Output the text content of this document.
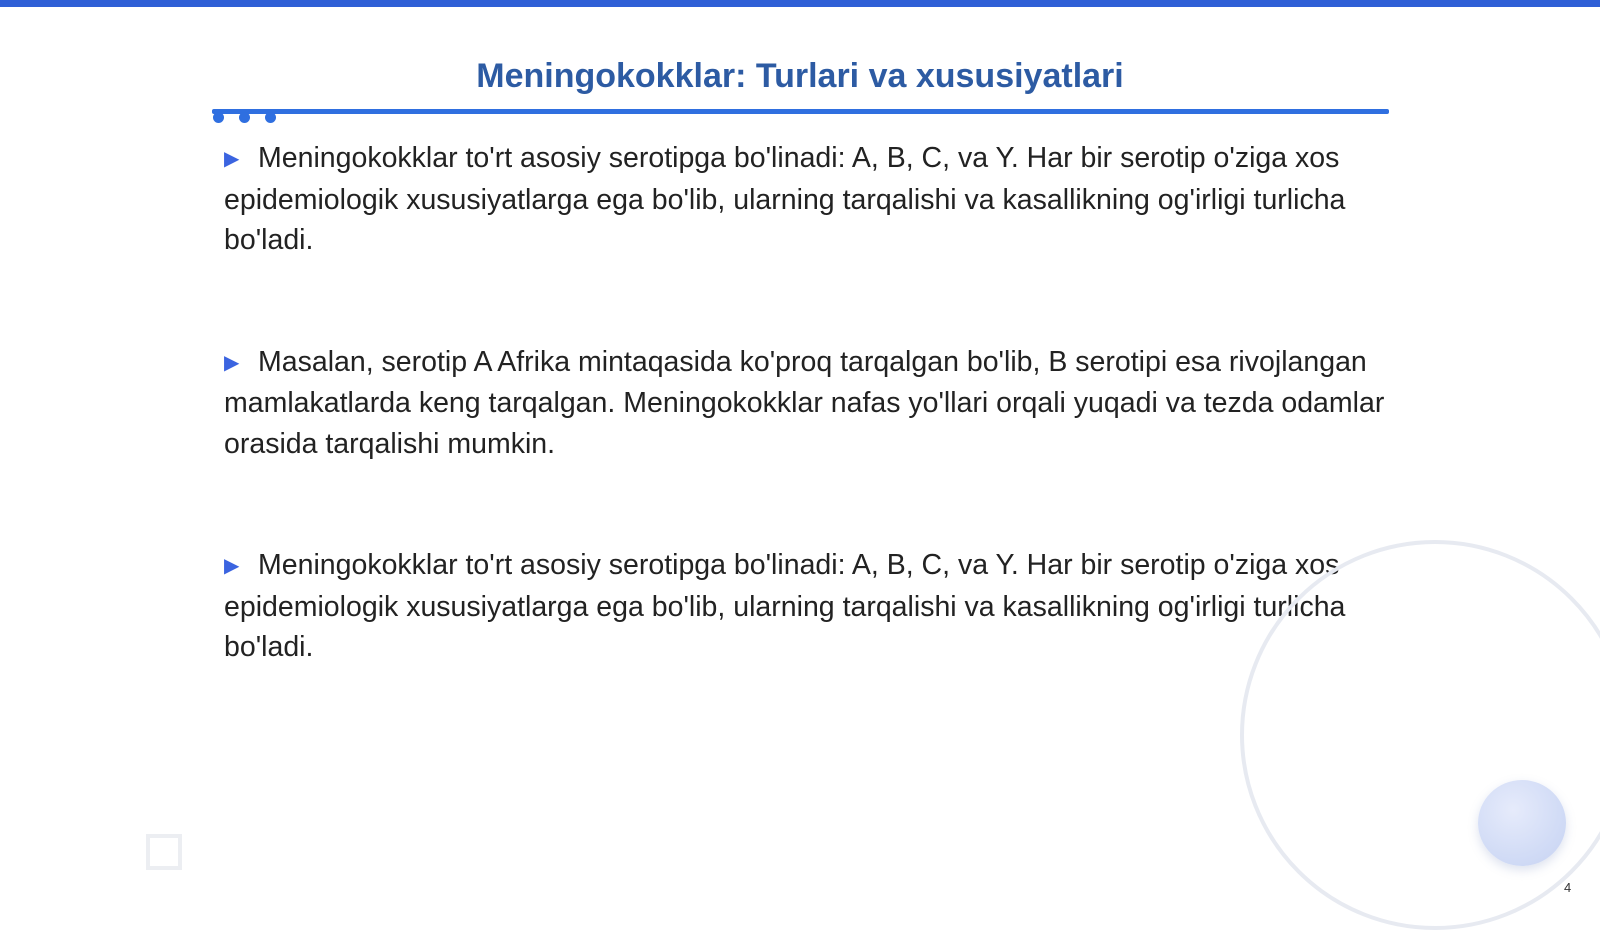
Meningokokklar: Turlari va xususiyatlari

▶ Meningokokklar to'rt asosiy serotipga bo'linadi: A, B, C, va Y. Har bir serotip o'ziga xos epidemiologik xususiyatlarga ega bo'lib, ularning tarqalishi va kasallikning og'irligi turlicha bo'ladi.

▶ Masalan, serotip A Afrika mintaqasida ko'proq tarqalgan bo'lib, B serotipi esa rivojlangan mamlakatlarda keng tarqalgan. Meningokokklar nafas yo'llari orqali yuqadi va tezda odamlar orasida tarqalishi mumkin.

▶ Meningokokklar to'rt asosiy serotipga bo'linadi: A, B, C, va Y. Har bir serotip o'ziga xos epidemiologik xususiyatlarga ega bo'lib, ularning tarqalishi va kasallikning og'irligi turlicha bo'ladi.

4
